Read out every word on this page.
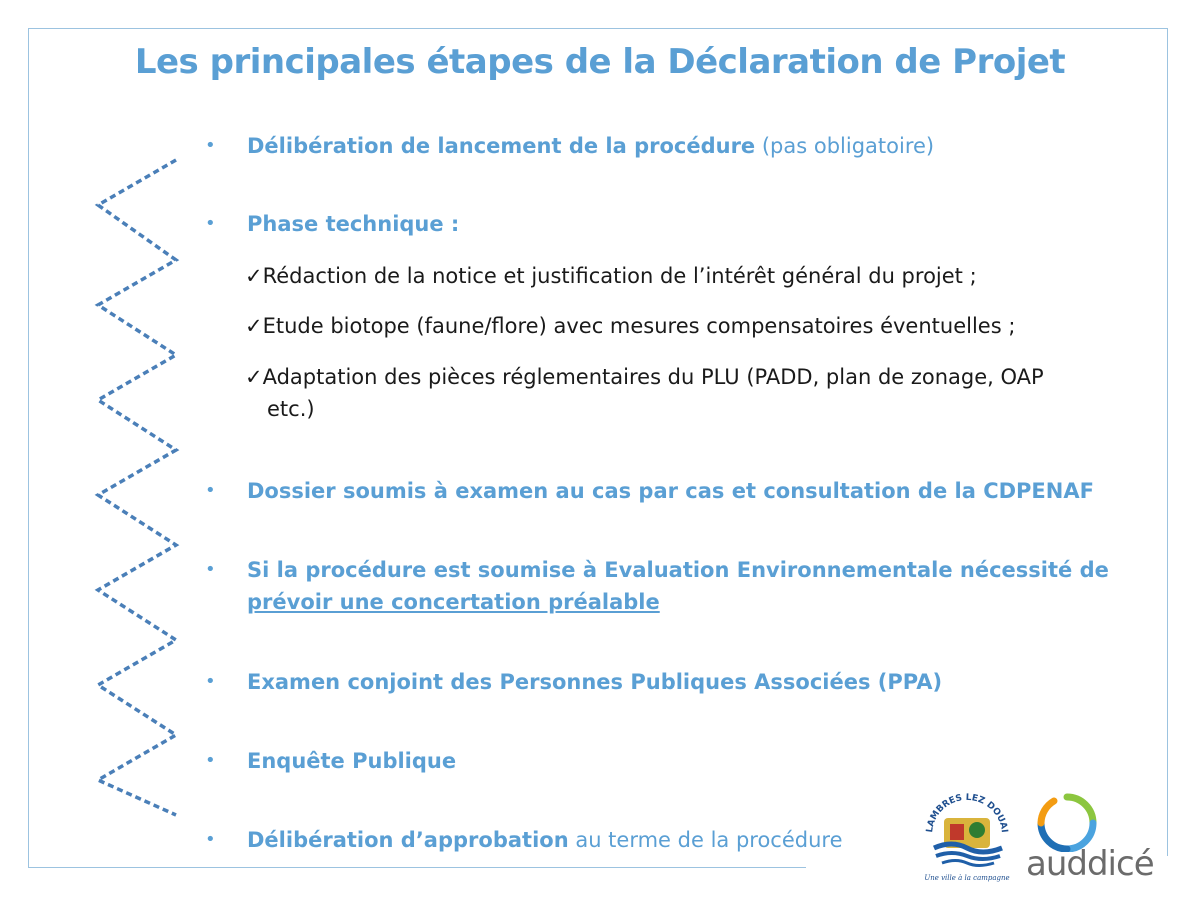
Les principales étapes de la Déclaration de Projet
• Délibération de lancement de la procédure (pas obligatoire)
• Phase technique :
✓Rédaction de la notice et justification de l’intérêt général du projet ;
✓Etude biotope (faune/flore) avec mesures compensatoires éventuelles ;
✓Adaptation des pièces réglementaires du PLU (PADD, plan de zonage, OAP
etc.)
• Dossier soumis à examen au cas par cas et consultation de la CDPENAF
• Si la procédure est soumise à Evaluation Environnementale nécessité de
prévoir une concertation préalable
• Examen conjoint des Personnes Publiques Associées (PPA)
• Enquête Publique
• Délibération d’approbation au terme de la procédure	LAMBRES LEZ DOUAI
Une ville à la campagne auddicé
